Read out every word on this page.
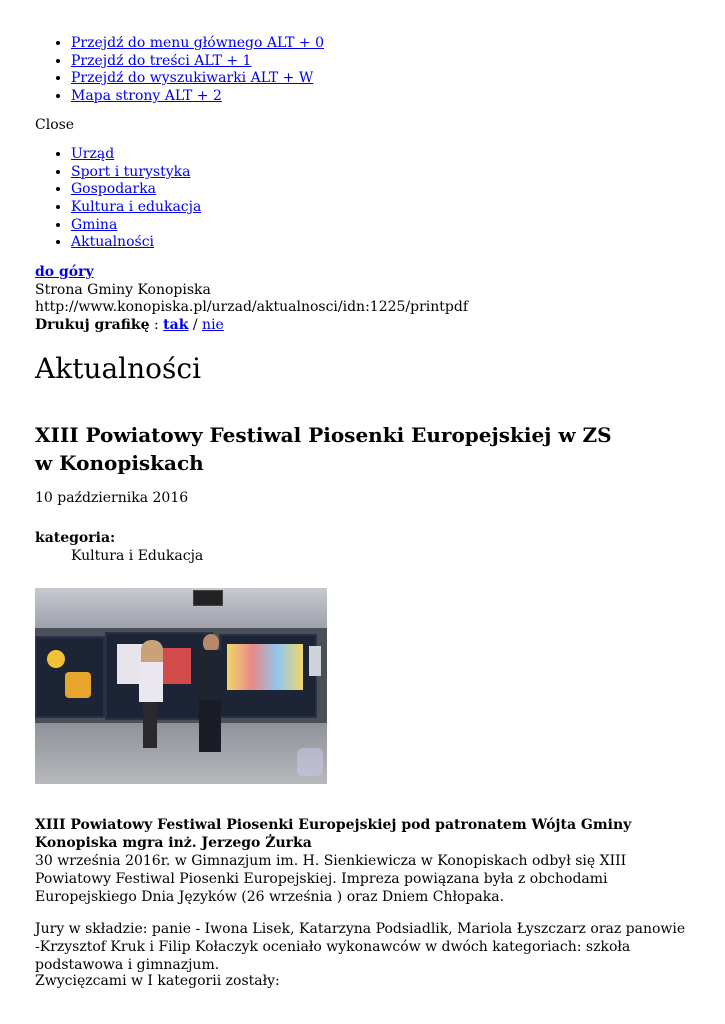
• Przejdź do menu głównego ALT + 0
• Przejdź do treści ALT + 1
• Przejdź do wyszukiwarki ALT + W
• Mapa strony ALT + 2
Close
• Urząd
• Sport i turystyka
• Gospodarka
• Kultura i edukacja
• Gmina
• Aktualności
do góry
Strona Gminy Konopiska
http://www.konopiska.pl/urzad/aktualnosci/idn:1225/printpdf
Drukuj grafikę : tak / nie
Aktualności
XIII Powiatowy Festiwal Piosenki Europejskiej w ZS w Konopiskach
10 października 2016
kategoria:
Kultura i Edukacja
XIII Powiatowy Festiwal Piosenki Europejskiej pod patronatem Wójta Gminy Konopiska mgra inż. Jerzego Żurka
30 września 2016r. w Gimnazjum im. H. Sienkiewicza w Konopiskach odbył się XIII Powiatowy Festiwal Piosenki Europejskiej. Impreza powiązana była z obchodami Europejskiego Dnia Języków (26 września ) oraz Dniem Chłopaka.
Jury w składzie: panie - Iwona Lisek, Katarzyna Podsiadlik, Mariola Łyszczarz oraz panowie -Krzysztof Kruk i Filip Kołaczyk oceniało wykonawców w dwóch kategoriach: szkoła podstawowa i gimnazjum.
Zwycięzcami w I kategorii zostały:
